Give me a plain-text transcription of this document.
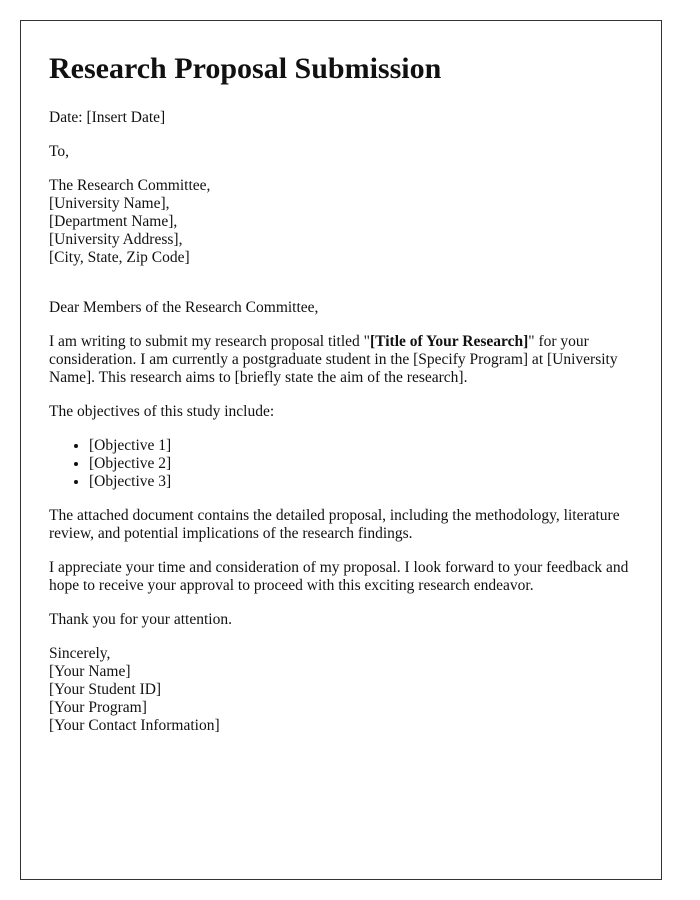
Research Proposal Submission

Date: [Insert Date]

To,

The Research Committee,
[University Name],
[Department Name],
[University Address],
[City, State, Zip Code]

Dear Members of the Research Committee,

I am writing to submit my research proposal titled "[Title of Your Research]" for your consideration. I am currently a postgraduate student in the [Specify Program] at [University Name]. This research aims to [briefly state the aim of the research].

The objectives of this study include:

• [Objective 1]
• [Objective 2]
• [Objective 3]

The attached document contains the detailed proposal, including the methodology, literature review, and potential implications of the research findings.

I appreciate your time and consideration of my proposal. I look forward to your feedback and hope to receive your approval to proceed with this exciting research endeavor.

Thank you for your attention.

Sincerely,
[Your Name]
[Your Student ID]
[Your Program]
[Your Contact Information]
